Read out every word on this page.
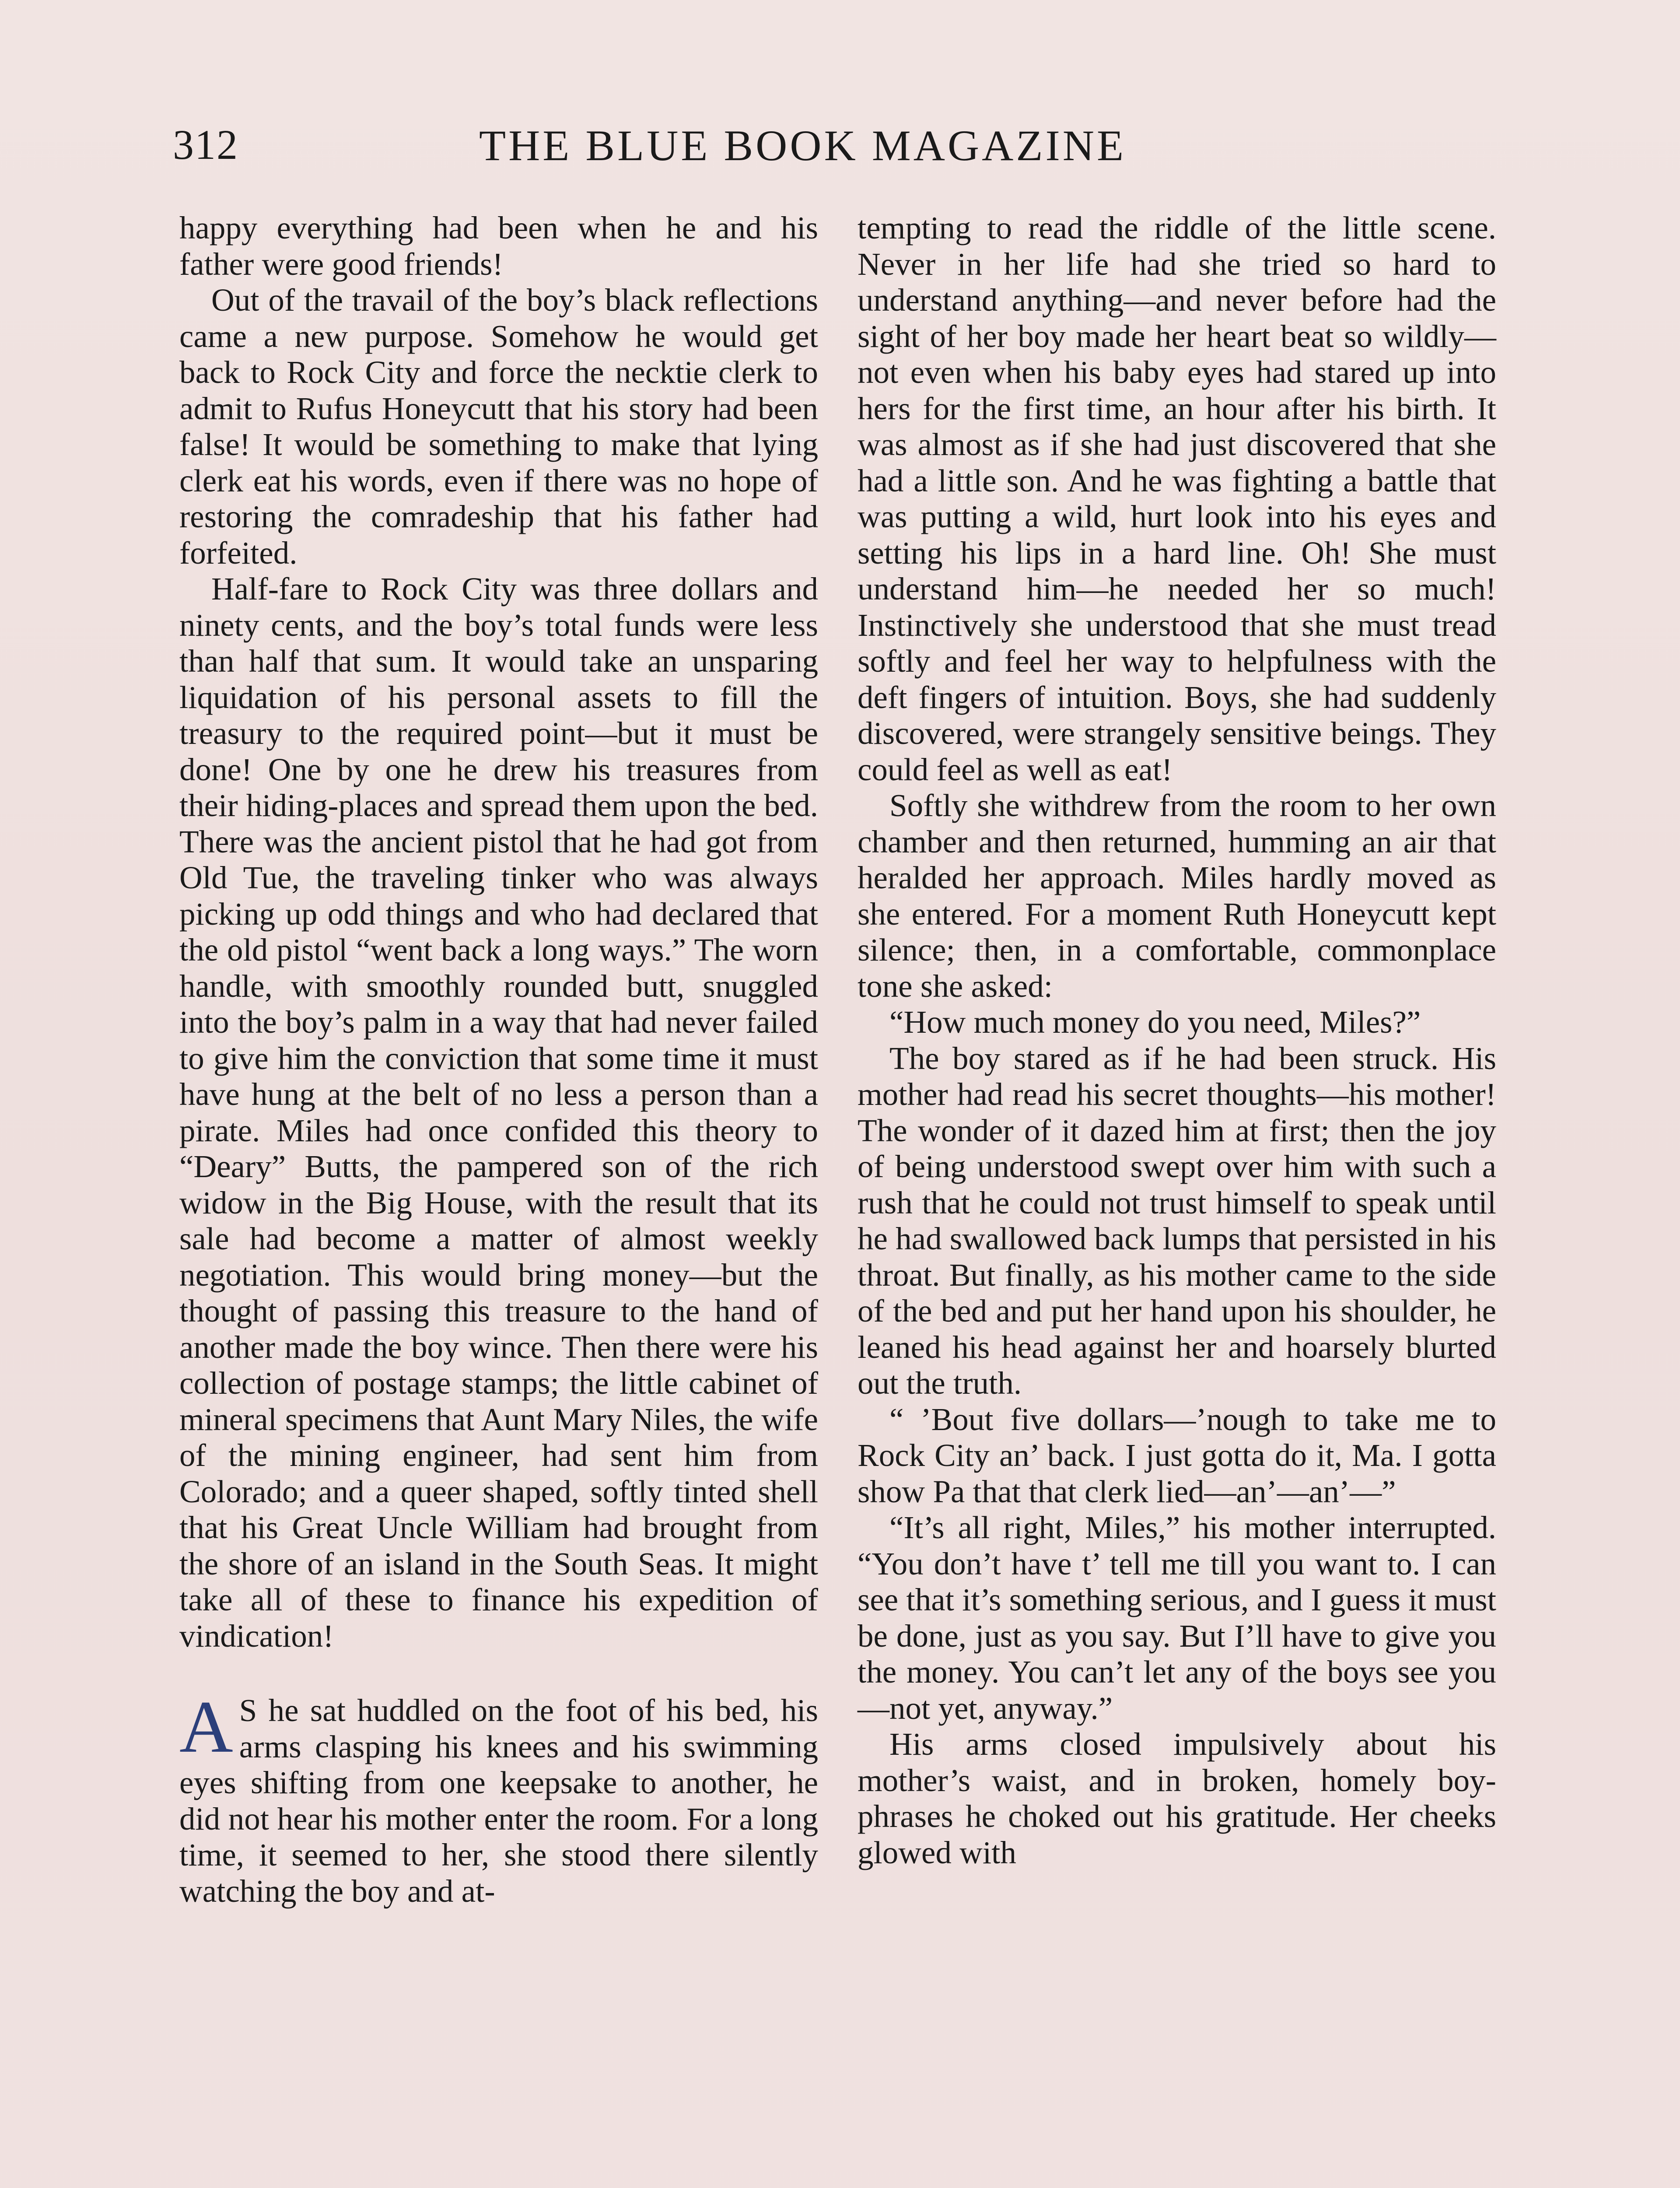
312	THE BLUE BOOK MAGAZINE

happy everything had been when he and his father were good friends!

Out of the travail of the boy’s black reflections came a new purpose. Somehow he would get back to Rock City and force the necktie clerk to admit to Rufus Honeycutt that his story had been false! It would be something to make that lying clerk eat his words, even if there was no hope of restoring the comradeship that his father had forfeited.

Half-fare to Rock City was three dollars and ninety cents, and the boy’s total funds were less than half that sum. It would take an unsparing liquidation of his personal assets to fill the treasury to the required point—but it must be done! One by one he drew his treasures from their hiding-places and spread them upon the bed. There was the ancient pistol that he had got from Old Tue, the traveling tinker who was always picking up odd things and who had declared that the old pistol “went back a long ways.” The worn handle, with smoothly rounded butt, snuggled into the boy’s palm in a way that had never failed to give him the conviction that some time it must have hung at the belt of no less a person than a pirate. Miles had once confided this theory to “Deary” Butts, the pampered son of the rich widow in the Big House, with the result that its sale had become a matter of almost weekly negotiation. This would bring money—but the thought of passing this treasure to the hand of another made the boy wince. Then there were his collection of postage stamps; the little cabinet of mineral specimens that Aunt Mary Niles, the wife of the mining engineer, had sent him from Colorado; and a queer shaped, softly tinted shell that his Great Uncle William had brought from the shore of an island in the South Seas. It might take all of these to finance his expedition of vindication!

A S he sat huddled on the foot of his bed, his arms clasping his knees and his swimming eyes shifting from one keepsake to another, he did not hear his mother enter the room. For a long time, it seemed to her, she stood there silently watching the boy and at-

tempting to read the riddle of the little scene. Never in her life had she tried so hard to understand anything—and never before had the sight of her boy made her heart beat so wildly—not even when his baby eyes had stared up into hers for the first time, an hour after his birth. It was almost as if she had just discovered that she had a little son. And he was fighting a battle that was putting a wild, hurt look into his eyes and setting his lips in a hard line. Oh! She must understand him—he needed her so much! Instinctively she understood that she must tread softly and feel her way to helpfulness with the deft fingers of intuition. Boys, she had suddenly discovered, were strangely sensitive beings. They could feel as well as eat!

Softly she withdrew from the room to her own chamber and then returned, humming an air that heralded her approach. Miles hardly moved as she entered. For a moment Ruth Honeycutt kept silence; then, in a comfortable, commonplace tone she asked:

“How much money do you need, Miles?”

The boy stared as if he had been struck. His mother had read his secret thoughts—his mother! The wonder of it dazed him at first; then the joy of being understood swept over him with such a rush that he could not trust himself to speak until he had swallowed back lumps that persisted in his throat. But finally, as his mother came to the side of the bed and put her hand upon his shoulder, he leaned his head against her and hoarsely blurted out the truth.

“ ’Bout five dollars—’nough to take me to Rock City an’ back. I just gotta do it, Ma. I gotta show Pa that that clerk lied—an’—an’—”

“It’s all right, Miles,” his mother interrupted. “You don’t have t’ tell me till you want to. I can see that it’s something serious, and I guess it must be done, just as you say. But I’ll have to give you the money. You can’t let any of the boys see you—not yet, anyway.”

His arms closed impulsively about his mother’s waist, and in broken, homely boy-phrases he choked out his gratitude. Her cheeks glowed with
